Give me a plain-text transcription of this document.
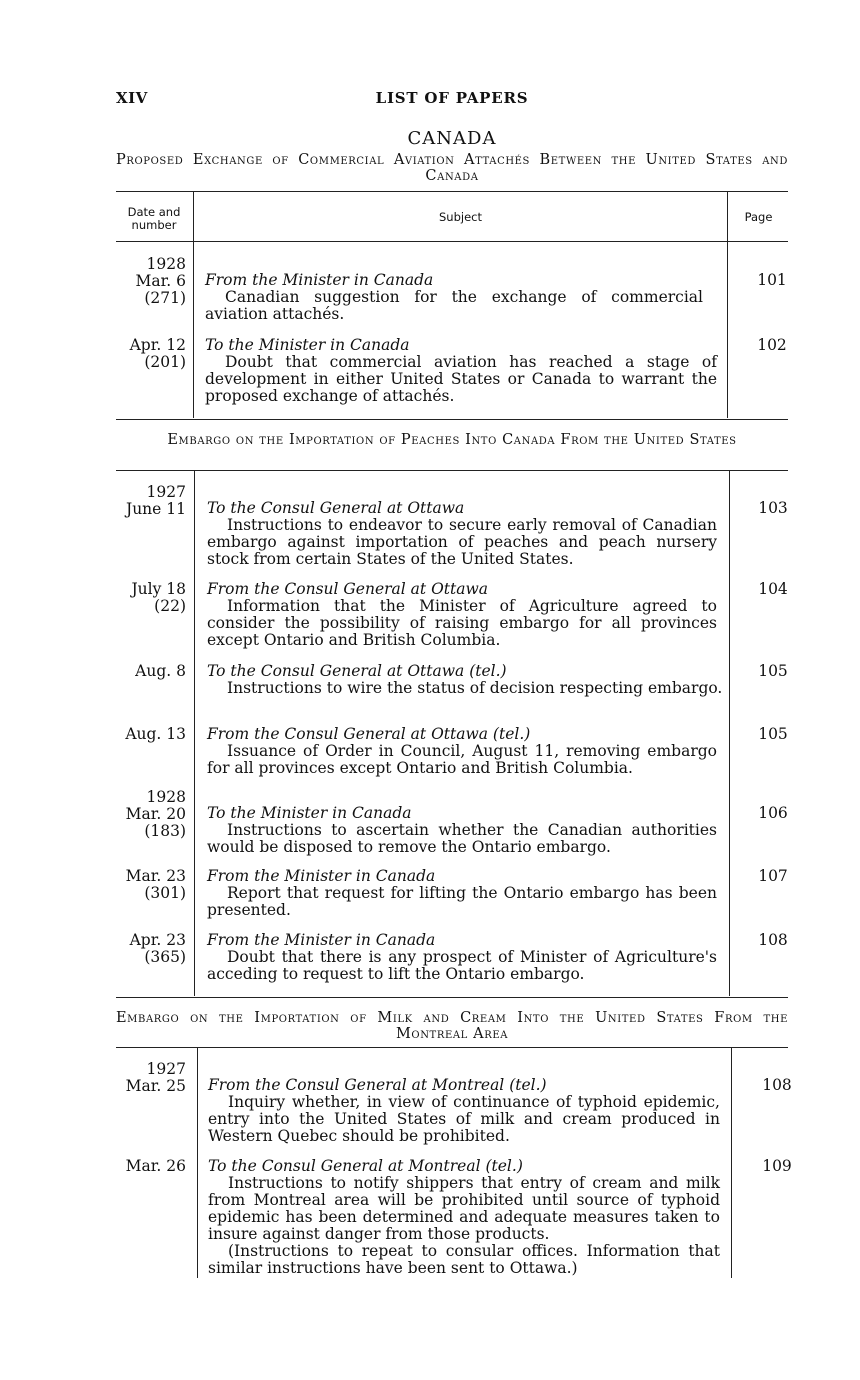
XIV	LIST OF PAPERS
CANADA
Proposed Exchange of Commercial Aviation Attachés Between the United States and Canada
Date and number
Subject	Page
1928
Mar. 6
(271)
From the Minister in Canada
Canadian suggestion for the exchange of commercial aviation attachés.
101
Apr. 12
(201)
To the Minister in Canada
Doubt that commercial aviation has reached a stage of development in either United States or Canada to warrant the proposed exchange of attachés.
102
Embargo on the Importation of Peaches Into Canada From the United States
1927
June 11 To the Consul General at Ottawa
Instructions to endeavor to secure early removal of Canadian embargo against importation of peaches and peach nursery stock from certain States of the United States.
103
July 18
(22)
From the Consul General at Ottawa
Information that the Minister of Agriculture agreed to consider the possibility of raising embargo for all provinces except Ontario and British Columbia.
104
Aug. 8 To the Consul General at Ottawa (tel.)
Instructions to wire the status of decision respecting embargo.
105
Aug. 13 From the Consul General at Ottawa (tel.)
Issuance of Order in Council, August 11, removing embargo for all provinces except Ontario and British Columbia.
105
1928
Mar. 20
(183)
To the Minister in Canada
Instructions to ascertain whether the Canadian authorities would be disposed to remove the Ontario embargo.
106
Mar. 23
(301)
From the Minister in Canada
Report that request for lifting the Ontario embargo has been presented.
107
Apr. 23
(365)
From the Minister in Canada
Doubt that there is any prospect of Minister of Agriculture's acceding to request to lift the Ontario embargo.
108
Embargo on the Importation of Milk and Cream Into the United States From the Montreal Area
1927
Mar. 25 From the Consul General at Montreal (tel.)
Inquiry whether, in view of continuance of typhoid epidemic, entry into the United States of milk and cream produced in Western Quebec should be prohibited.
108
Mar. 26 To the Consul General at Montreal (tel.)
Instructions to notify shippers that entry of cream and milk from Montreal area will be prohibited until source of typhoid epidemic has been determined and adequate measures taken to insure against danger from those products.
(Instructions to repeat to consular offices. Information that similar instructions have been sent to Ottawa.)
109
